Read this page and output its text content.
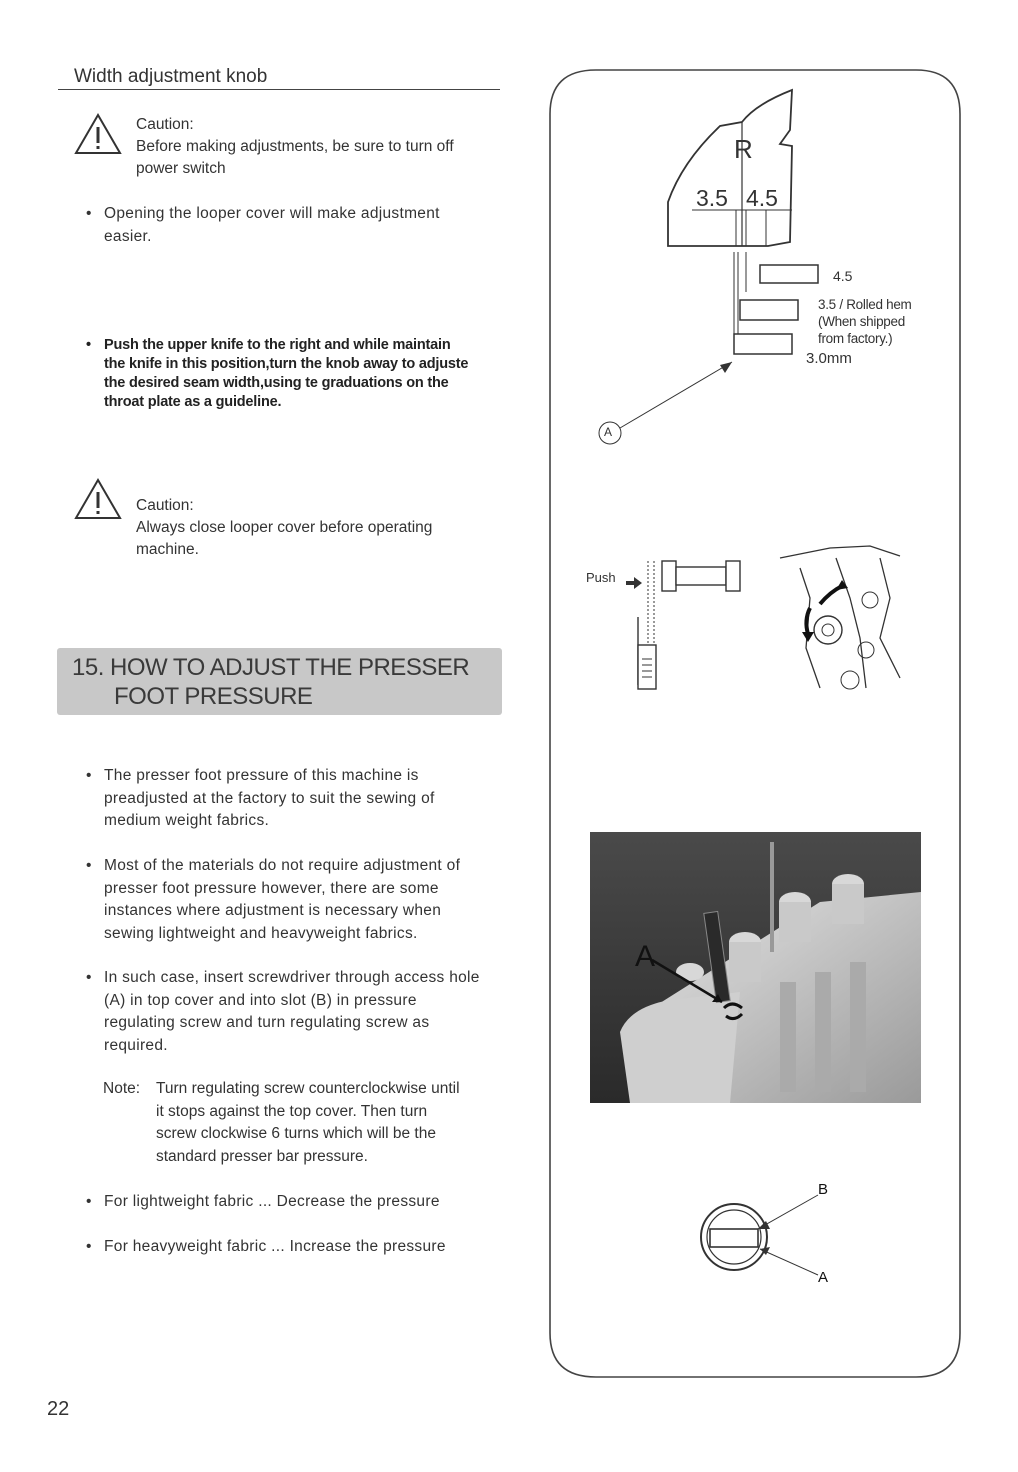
Width adjustment knob
Caution:
Before making adjustments, be sure to turn off
power switch
• Opening the looper cover will make adjustment
easier.
• Push the upper knife to the right and while maintain
the knife in this position,turn the knob away to adjuste
the desired seam width,using te graduations on the
throat plate as a guideline.
Caution:
Always close looper cover before operating
machine.
15. HOW TO ADJUST THE PRESSER
FOOT PRESSURE
• The presser foot pressure of this machine is
preadjusted at the factory to suit the sewing of
medium weight fabrics.
• Most of the materials do not require adjustment of
presser foot pressure however, there are some
instances where adjustment is necessary when
sewing lightweight and heavyweight fabrics.
• In such case, insert screwdriver through access hole
(A) in top cover and into slot (B) in pressure
regulating screw and turn regulating screw as
required.
Note:	Turn regulating screw counterclockwise until
it stops against the top cover. Then turn
screw clockwise 6 turns which will be the
standard presser bar pressure.
• For lightweight fabric ... Decrease the pressure
• For heavyweight fabric ... Increase the pressure
22
R
3.5 4.5
4.5
3.5 / Rolled hem
(When shipped
from factory.)
3.0mm
A
Push
A
B
A
